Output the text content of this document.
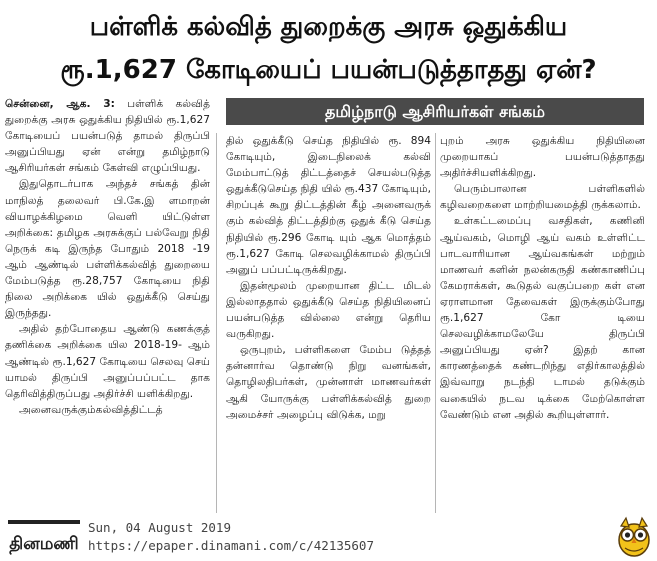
பள்ளிக் கல்வித் துறைக்கு அரசு ஒதுக்கிய
ரூ.1,627 கோடியைப் பயன்படுத்தாதது ஏன்?
தமிழ்நாடு ஆசிரியர்கள் சங்கம்

சென்னை, ஆக. 3: பள்ளிக் கல்வித் துறைக்கு அரசு ஒதுக்கிய நிதியில் ரூ.1,627 கோடியைப் பயன்படுத் தாமல் திருப்பி அனுப்பியது ஏன் என்று தமிழ்நாடு ஆசிரியர்கள் சங்கம் கேள்வி எழுப்பியது.

இதுதொடர்பாக அந்தச் சங்கத் தின் மாநிலத் தலைவர் பி.கே.இ ளமாறன் வியாழக்கிழமை வெளி யிட்டுள்ள அறிக்கை: தமிழக அரசுக்குப் பல்வேறு நிதி நெருக் கடி இருந்த போதும் 2018 -19 ஆம் ஆண்டில் பள்ளிக்கல்வித் துறையை மேம்படுத்த ரூ.28,757 கோடியை நிதி நிலை அறிக்கை யில் ஒதுக்கீடு செய்து இருந்தது.

அதில் தற்போதைய ஆண்டு கணக்குத் தணிக்கை அறிக்கை யில 2018-19- ஆம் ஆண்டில் ரூ.1,627 கோடியை செலவு செய் யாமல் திருப்பி அனுப்பப்பட்ட தாக தெரிவித்திருப்பது அதிர்ச்சி யளிக்கிறது.

அனைவருக்கும்கல்வித்திட்டத்

தில் ஒதுக்கீடு செய்த நிதியில் ரூ. 894 கோடியும், இடைநிலைக் கல்வி மேம்பாட்டுத் திட்டத்தைச் செயல்படுத்த ஒதுக்கீடுசெய்த நிதி யில் ரூ.437 கோடியும், சிறப்புக் கூறு திட்டத்தின் கீழ் அனைவருக் கும் கல்வித் திட்டத்திற்கு ஒதுக் கீடு செய்த நிதியில் ரூ.296 கோடி யும் ஆக மொத்தம் ரூ.1,627 கோடி செலவழிக்காமல் திருப்பி அனுப் பப்பட்டிருக்கிறது.

இதன்மூலம் முறையான திட்ட மிடல் இல்லாததால் ஒதுக்கீடு செய்த நிதியினைப் பயன்படுத்த வில்லை என்று தெரிய வருகிறது.

ஒருபுறம், பள்ளிகளை மேம்ப டுத்தத் தன்னார்வ தொண்டு நிறு வனங்கள், தொழிலதிபர்கள், முன்னாள் மாணவர்கள் ஆகி யோருக்கு பள்ளிக்கல்வித் துறை அமைச்சர் அழைப்பு விடுக்க, மறு

புறம் அரசு ஒதுக்கிய நிதியினை முறையாகப் பயன்படுத்தாதது அதிர்ச்சியளிக்கிறது.

பெரும்பாலான பள்ளிகளில் கழிவறைகளை மாற்றியமைத்தி ருக்கலாம்.

உள்கட்டமைப்பு வசதிகள், கணினி ஆய்வகம், மொழி ஆய் வகம் உள்ளிட்ட பாடவாரியான ஆய்வகங்கள் மற்றும் மாணவர் களின் நலன்கருதி கண்காணிப்பு கேமராக்கள், கூடுதல் வகுப்பறை கள் என ஏராளமான தேவைகள் இருக்கும்போது ரூ.1,627 கோ டியை செலவழிக்காமலேயே திருப்பி அனுப்பியது ஏன்? இதற் கான காரணத்தைக் கண்டறிந்து எதிர்காலத்தில் இவ்வாறு நடந்தி டாமல் தடுக்கும் வகையில் நடவ டிக்கை மேற்கொள்ள வேண்டும் என அதில் கூறியுள்ளார்.

தினமணி
Sun, 04 August 2019
https://epaper.dinamani.com/c/42135607
